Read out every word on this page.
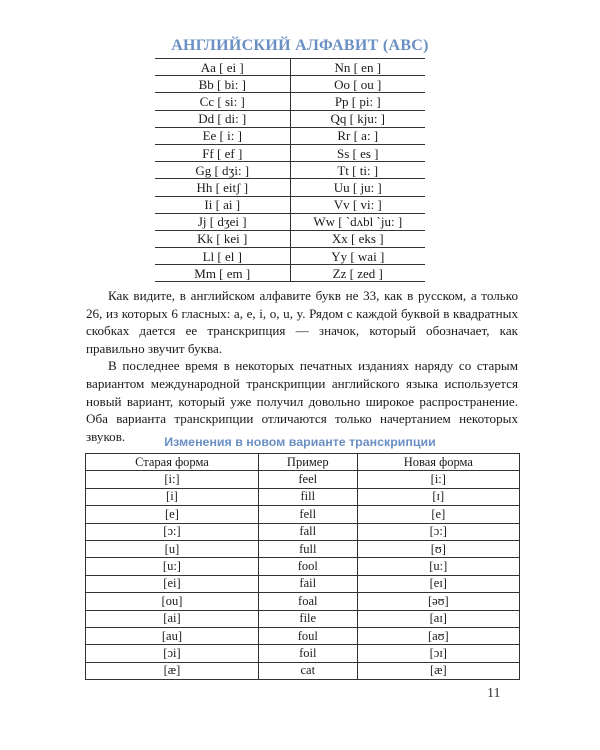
АНГЛИЙСКИЙ АЛФАВИТ (ABC)
Aa [ ei ]	Nn [ en ]
Bb [ bi: ]	Oo [ ou ]
Cc [ si: ]	Pp [ pi: ]
Dd [ di: ]	Qq [ kju: ]
Ee [ i: ]	Rr [ a: ]
Ff [ ef ]	Ss [ es ]
Gg [ dʒi: ]	Tt [ ti: ]
Hh [ eitʃ ]	Uu [ ju: ]
Ii [ ai ]	Vv [ vi: ]
Jj [ dʒei ]	Ww [ `dʌbl `ju: ]
Kk [ kei ]	Xx [ eks ]
Ll [ el ]	Yy [ wai ]
Mm [ em ]	Zz [ zed ]

Как видите, в английском алфавите букв не 33, как в русском, а только 26, из которых 6 гласных: a, e, i, o, u, y. Рядом с каждой буквой в квадратных скобках дается ее транскрипция — значок, который обозначает, как правильно звучит буква.

В последнее время в некоторых печатных изданиях наряду со старым вариантом международной транскрипции английского языка используется новый вариант, который уже получил довольно широкое распространение. Оба варианта транскрипции отличаются только начертанием некоторых звуков.	Изменения в новом варианте транскрипции
Старая форма	Пример	Новая форма
[i:]	feel	[i:]
[i]	fill	[ɪ]
[e]	fell	[e]
[ɔ:]	fall	[ɔ:]
[u]	full	[ʊ]
[u:]	fool	[u:]
[ei]	fail	[eɪ]
[ou]	foal	[əʊ]
[ai]	file	[aɪ]
[au]	foul	[aʊ]
[ɔi]	foil	[ɔɪ]
[æ]	cat	[æ]
11
